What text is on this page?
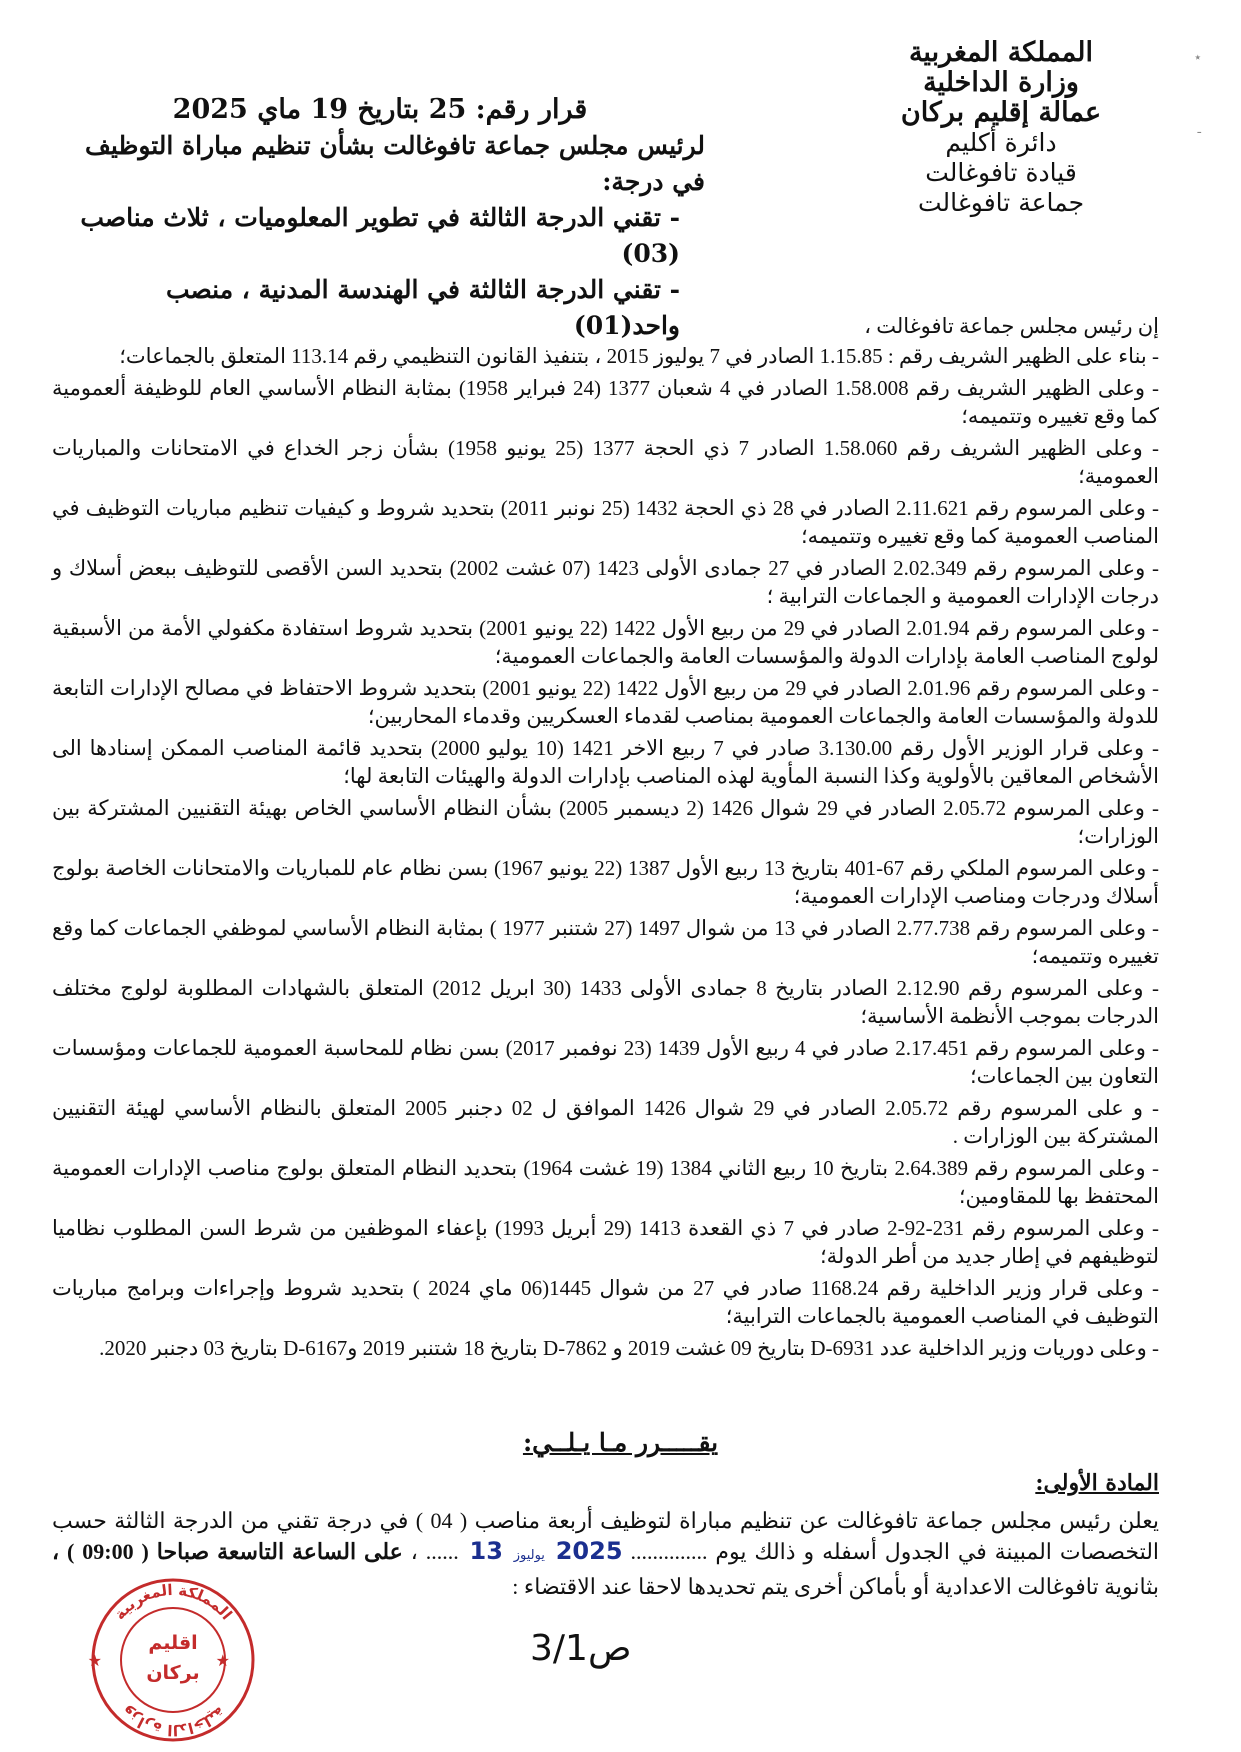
٭
ـ
المملكة المغربية
وزارة الداخلية
عمالة إقليم بركان
دائرة أكليم
قيادة تافوغالت
جماعة تافوغالت
قرار رقم: 25 بتاريخ 19 ماي 2025
لرئيس مجلس جماعة تافوغالت بشأن تنظيم مباراة التوظيف في درجة:
- تقني الدرجة الثالثة في تطوير المعلوميات ، ثلاث مناصب (03)
- تقني الدرجة الثالثة في الهندسة المدنية ، منصب واحد(01)	إن رئيس مجلس جماعة تافوغالت ،

- بناء على الظهير الشريف رقم : 1.15.85 الصادر في 7 يوليوز 2015 ، بتنفيذ القانون التنظيمي رقم 113.14 المتعلق بالجماعات؛

- وعلى الظهير الشريف رقم 1.58.008 الصادر في 4 شعبان 1377 (24 فبراير 1958) بمثابة النظام الأساسي العام للوظيفة ألعمومية كما وقع تغييره وتتميمه؛

- وعلى الظهير الشريف رقم 1.58.060 الصادر 7 ذي الحجة 1377 (25 يونيو 1958) بشأن زجر الخداع في الامتحانات والمباريات العمومية؛

- وعلى المرسوم رقم 2.11.621 الصادر في 28 ذي الحجة 1432 (25 نونبر 2011) بتحديد شروط و كيفيات تنظيم مباريات التوظيف في المناصب العمومية كما وقع تغييره وتتميمه؛

- وعلى المرسوم رقم 2.02.349 الصادر في 27 جمادى الأولى 1423 (07 غشت 2002) بتحديد السن الأقصى للتوظيف ببعض أسلاك و درجات الإدارات العمومية و الجماعات الترابية ؛

- وعلى المرسوم رقم 2.01.94 الصادر في 29 من ربيع الأول 1422 (22 يونيو 2001) بتحديد شروط استفادة مكفولي الأمة من الأسبقية لولوج المناصب العامة بإدارات الدولة والمؤسسات العامة والجماعات العمومية؛

- وعلى المرسوم رقم 2.01.96 الصادر في 29 من ربيع الأول 1422 (22 يونيو 2001) بتحديد شروط الاحتفاظ في مصالح الإدارات التابعة للدولة والمؤسسات العامة والجماعات العمومية بمناصب لقدماء العسكريين وقدماء المحاربين؛

- وعلى قرار الوزير الأول رقم 3.130.00 صادر في 7 ربيع الاخر 1421 (10 يوليو 2000) بتحديد قائمة المناصب الممكن إسنادها الى الأشخاص المعاقين بالأولوية وكذا النسبة المأوية لهذه المناصب بإدارات الدولة والهيئات التابعة لها؛

- وعلى المرسوم 2.05.72 الصادر في 29 شوال 1426 (2 ديسمبر 2005) بشأن النظام الأساسي الخاص بهيئة التقنيين المشتركة بين الوزارات؛

- وعلى المرسوم الملكي رقم 67-401 بتاريخ 13 ربيع الأول 1387 (22 يونيو 1967) بسن نظام عام للمباريات والامتحانات الخاصة بولوج أسلاك ودرجات ومناصب الإدارات العمومية؛

- وعلى المرسوم رقم 2.77.738 الصادر في 13 من شوال 1497 (27 شتنبر 1977 ) بمثابة النظام الأساسي لموظفي الجماعات كما وقع تغييره وتتميمه؛

- وعلى المرسوم رقم 2.12.90 الصادر بتاريخ 8 جمادى الأولى 1433 (30 ابريل 2012) المتعلق بالشهادات المطلوبة لولوج مختلف الدرجات بموجب الأنظمة الأساسية؛

- وعلى المرسوم رقم 2.17.451 صادر في 4 ربيع الأول 1439 (23 نوفمبر 2017) بسن نظام للمحاسبة العمومية للجماعات ومؤسسات التعاون بين الجماعات؛

- و على المرسوم رقم 2.05.72 الصادر في 29 شوال 1426 الموافق ل 02 دجنبر 2005 المتعلق بالنظام الأساسي لهيئة التقنيين المشتركة بين الوزارات .

- وعلى المرسوم رقم 2.64.389 بتاريخ 10 ربيع الثاني 1384 (19 غشت 1964) بتحديد النظام المتعلق بولوج مناصب الإدارات العمومية المحتفظ بها للمقاومين؛

- وعلى المرسوم رقم 231-92-2 صادر في 7 ذي القعدة 1413 (29 أبريل 1993) بإعفاء الموظفين من شرط السن المطلوب نظاميا لتوظيفهم في إطار جديد من أطر الدولة؛

- وعلى قرار وزير الداخلية رقم 1168.24 صادر في 27 من شوال 1445(06 ماي 2024 ) بتحديد شروط وإجراءات وبرامج مباريات التوظيف في المناصب العمومية بالجماعات الترابية؛

- وعلى دوريات وزير الداخلية عدد D-6931 بتاريخ 09 غشت 2019 و D-7862 بتاريخ 18 شتنبر 2019 وD-6167 بتاريخ 03 دجنبر 2020.

يقـــــرر مـا يـلــي:
المادة الأولى:
يعلن رئيس مجلس جماعة تافوغالت عن تنظيم مباراة لتوظيف أربعة مناصب ( 04 ) في درجة تقني من الدرجة الثالثة حسب التخصصات المبينة في الجدول أسفله و ذالك يوم .............. 2025 يوليوز 13 ...... ، على الساعة التاسعة صباحا ( 09:00 ) ، بثانوية تافوغالت الاعدادية أو بأماكن أخرى يتم تحديدها لاحقا عند الاقتضاء :
3/1ص
المملكة المغربية
وزارة الداخلية
★	★
اقليم
بركان
